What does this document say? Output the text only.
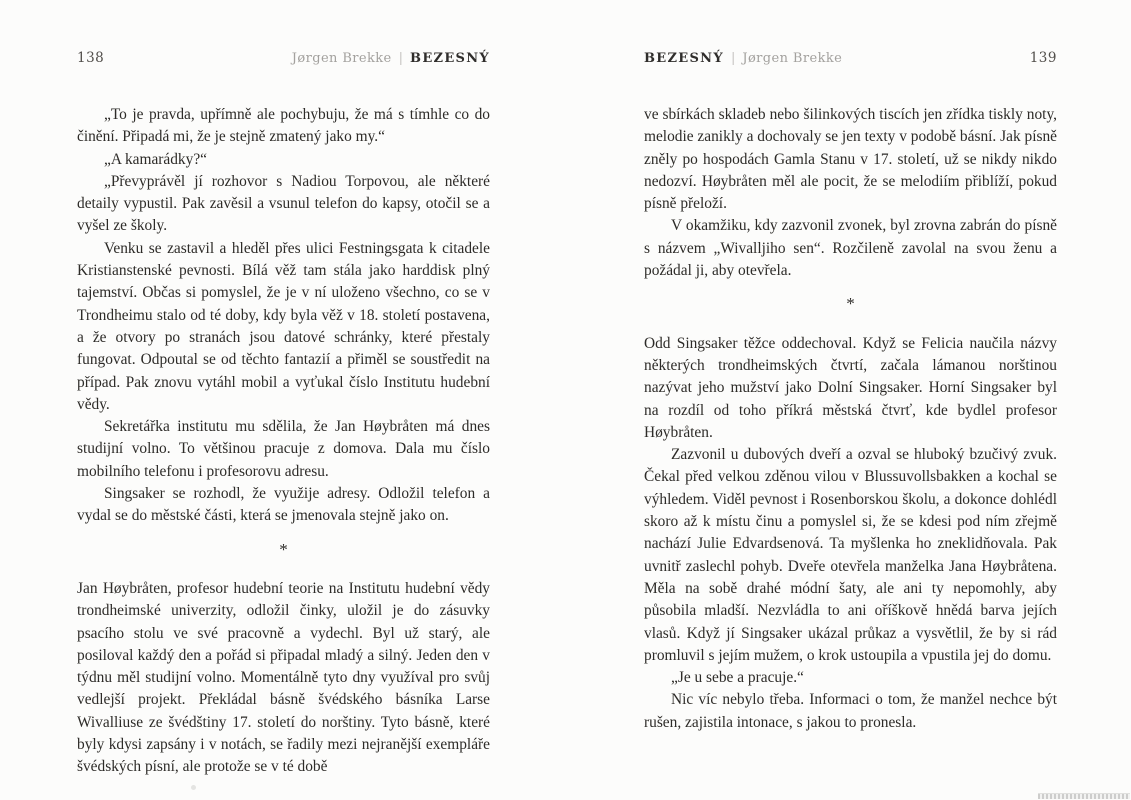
138	Jørgen Brekke | BEZESNÝ

„To je pravda, upřímně ale pochybuju, že má s tímhle co do činění. Připadá mi, že je stejně zmatený jako my.“

„A kamarádky?“

„Převyprávěl jí rozhovor s Nadiou Torpovou, ale některé detaily vypustil. Pak zavěsil a vsunul telefon do kapsy, otočil se a vyšel ze školy.

Venku se zastavil a hleděl přes ulici Festningsgata k citadele Kristianstenské pevnosti. Bílá věž tam stála jako harddisk plný tajemství. Občas si pomyslel, že je v ní uloženo všechno, co se v Trondheimu stalo od té doby, kdy byla věž v 18. století postavena, a že otvory po stranách jsou datové schránky, které přestaly fungovat. Odpoutal se od těchto fantazií a přiměl se soustředit na případ. Pak znovu vytáhl mobil a vyťukal číslo Institutu hudební vědy.

Sekretářka institutu mu sdělila, že Jan Høybråten má dnes studijní volno. To většinou pracuje z domova. Dala mu číslo mobilního telefonu i profesorovu adresu.

Singsaker se rozhodl, že využije adresy. Odložil telefon a vydal se do městské části, která se jmenovala stejně jako on.

*

Jan Høybråten, profesor hudební teorie na Institutu hudební vědy trondheimské univerzity, odložil činky, uložil je do zásuvky psacího stolu ve své pracovně a vydechl. Byl už starý, ale posiloval každý den a pořád si připadal mladý a silný. Jeden den v týdnu měl studijní volno. Momentálně tyto dny využíval pro svůj vedlejší projekt. Překládal básně švédského básníka Larse Wivalliuse ze švédštiny 17. století do norštiny. Tyto básně, které byly kdysi zapsány i v notách, se řadily mezi nejranější exempláře švédských písní, ale protože se v té době

BEZESNÝ | Jørgen Brekke	139

ve sbírkách skladeb nebo šilinkových tiscích jen zřídka tiskly noty, melodie zanikly a dochovaly se jen texty v podobě básní. Jak písně zněly po hospodách Gamla Stanu v 17. století, už se nikdy nikdo nedozví. Høybråten měl ale pocit, že se melodiím přiblíží, pokud písně přeloží.

V okamžiku, kdy zazvonil zvonek, byl zrovna zabrán do písně s názvem „Wivalljiho sen“. Rozčileně zavolal na svou ženu a požádal ji, aby otevřela.

*

Odd Singsaker těžce oddechoval. Když se Felicia naučila názvy některých trondheimských čtvrtí, začala lámanou norštinou nazývat jeho mužství jako Dolní Singsaker. Horní Singsaker byl na rozdíl od toho příkrá městská čtvrť, kde bydlel profesor Høybråten.

Zazvonil u dubových dveří a ozval se hluboký bzučivý zvuk. Čekal před velkou zděnou vilou v Blussuvollsbakken a kochal se výhledem. Viděl pevnost i Rosenborskou školu, a dokonce dohlédl skoro až k místu činu a pomyslel si, že se kdesi pod ním zřejmě nachází Julie Edvardsenová. Ta myšlenka ho zneklidňovala. Pak uvnitř zaslechl pohyb. Dveře otevřela manželka Jana Høybråtena. Měla na sobě drahé módní šaty, ale ani ty nepomohly, aby působila mladší. Nezvládla to ani oříškově hnědá barva jejích vlasů. Když jí Singsaker ukázal průkaz a vysvětlil, že by si rád promluvil s jejím mužem, o krok ustoupila a vpustila jej do domu.

„Je u sebe a pracuje.“

Nic víc nebylo třeba. Informaci o tom, že manžel nechce být rušen, zajistila intonace, s jakou to pronesla.
